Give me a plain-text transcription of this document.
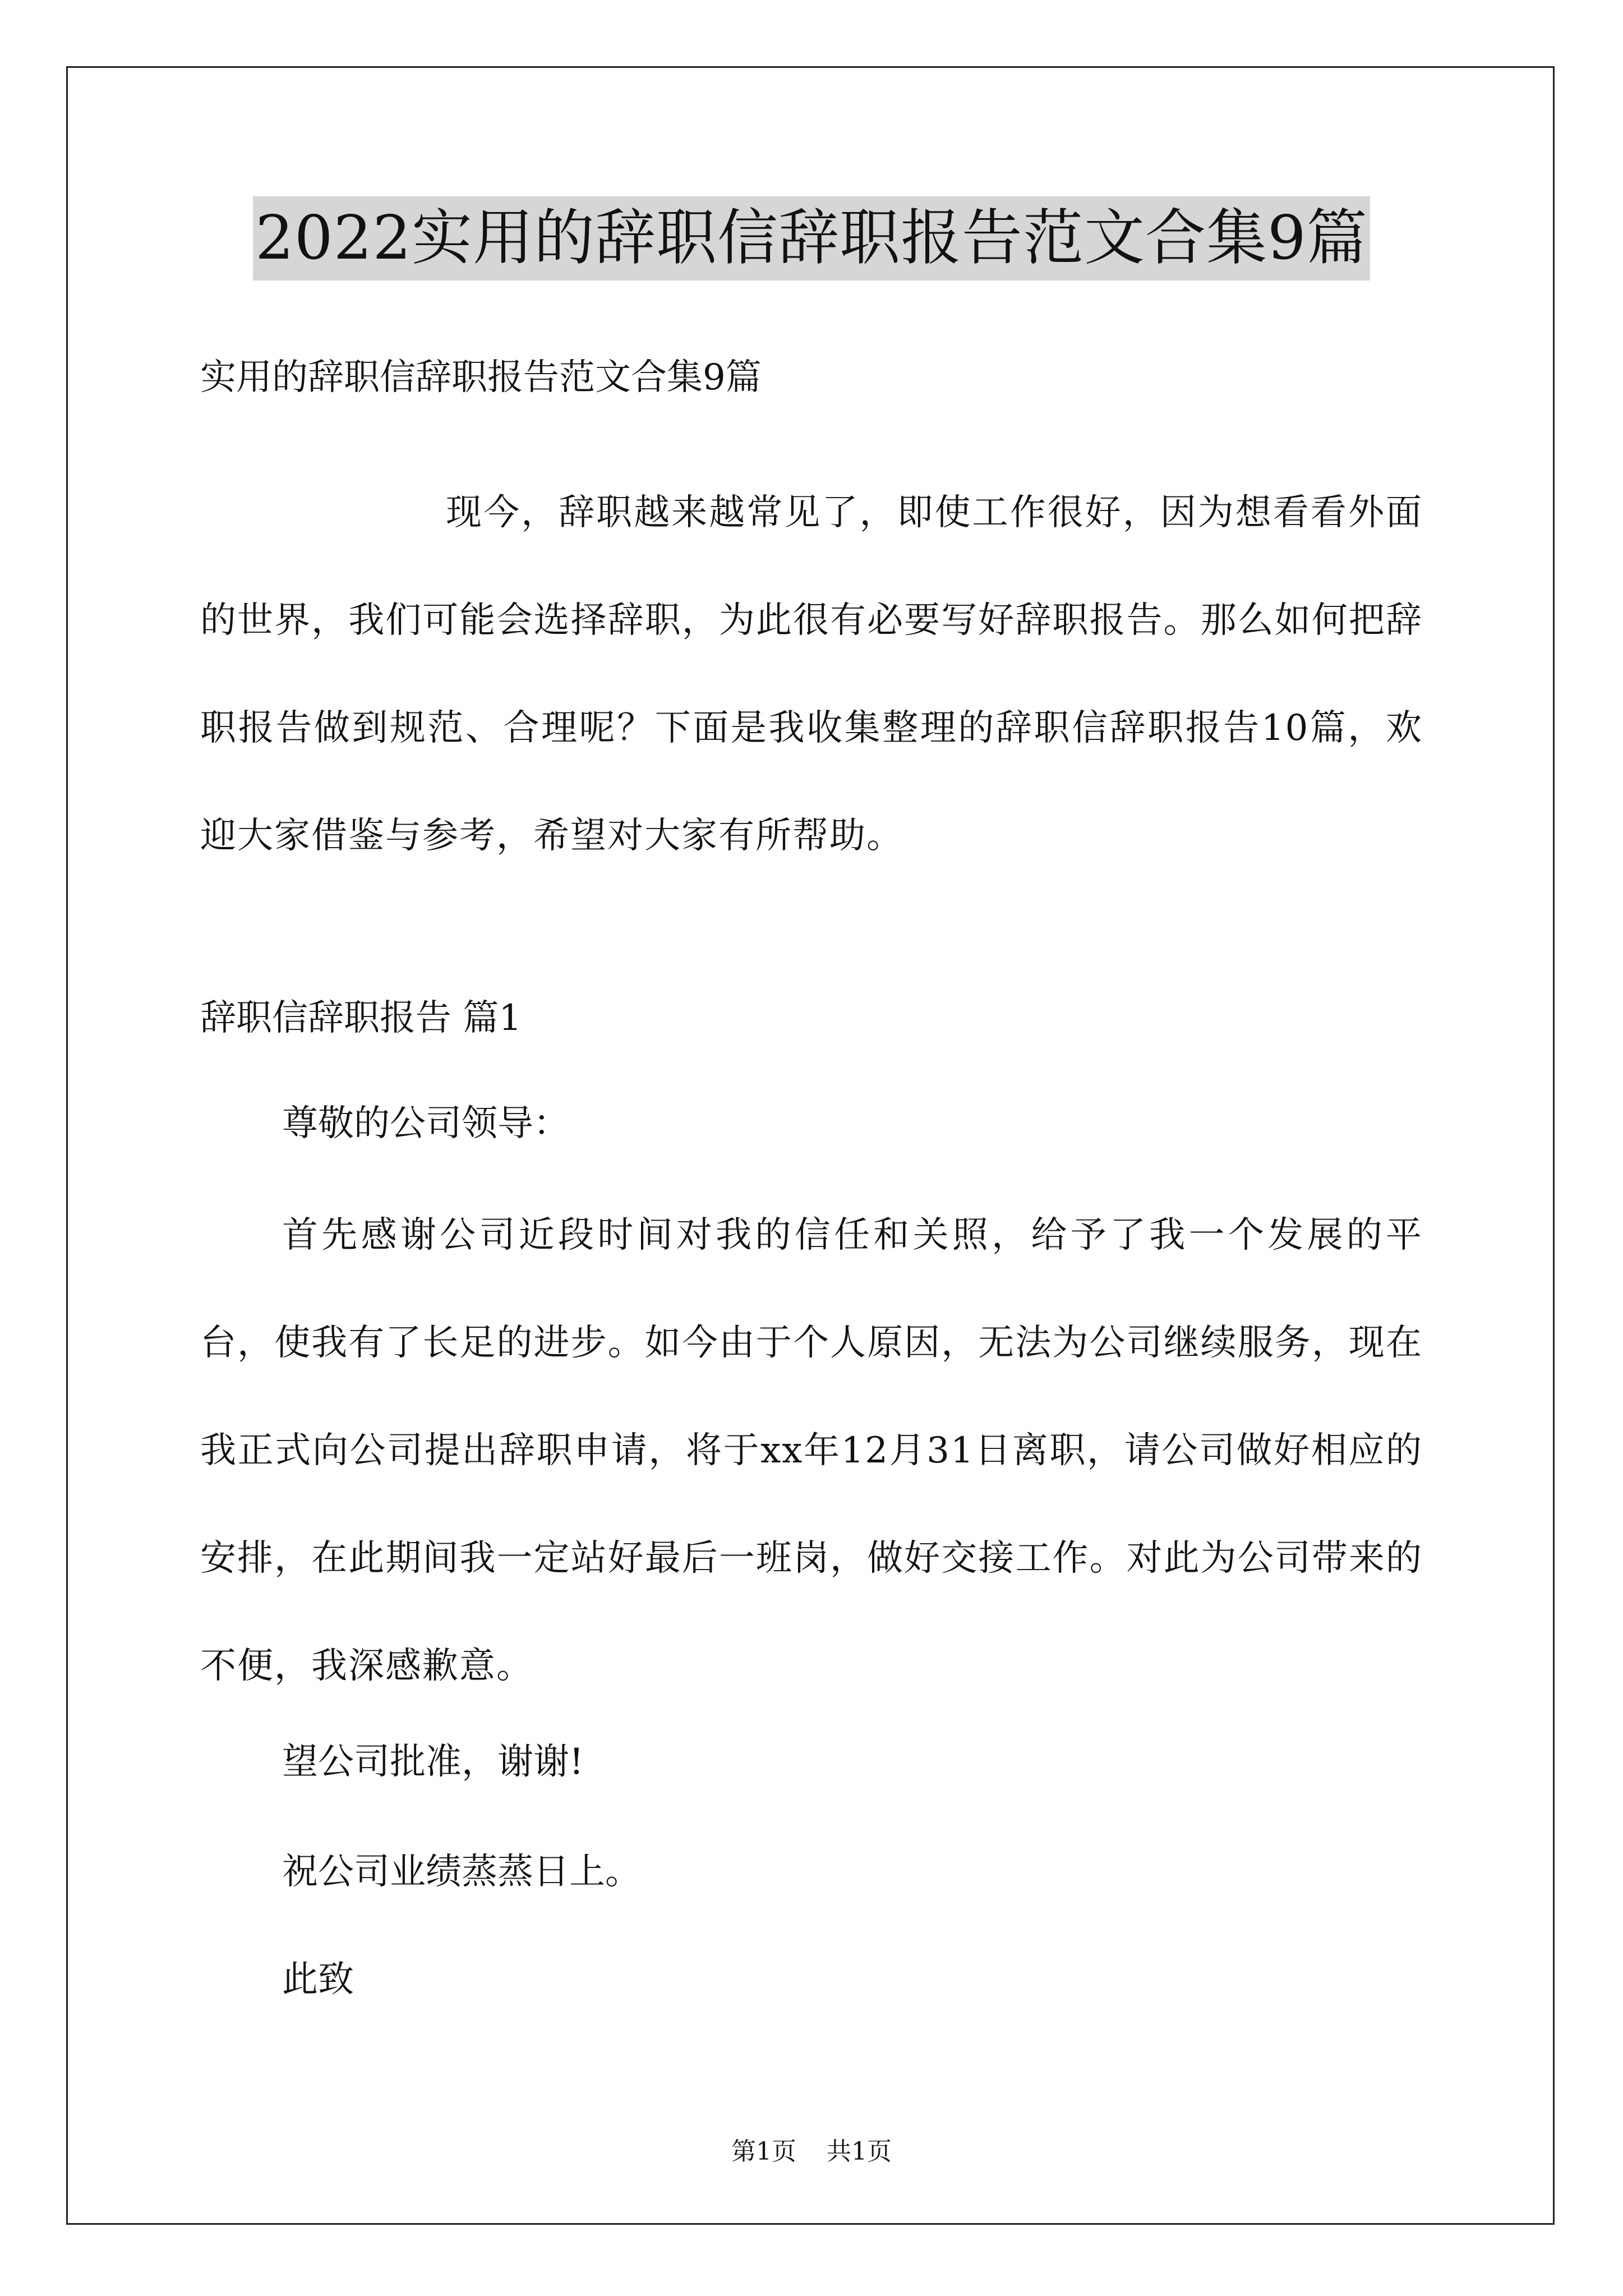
2022实用的辞职信辞职报告范文合集9篇
实用的辞职信辞职报告范文合集9篇

现今，辞职越来越常见了，即使工作很好，因为想看看外面的世界，我们可能会选择辞职，为此很有必要写好辞职报告。那么如何把辞职报告做到规范、合理呢？下面是我收集整理的辞职信辞职报告10篇，欢迎大家借鉴与参考，希望对大家有所帮助。

辞职信辞职报告 篇1
尊敬的公司领导：

首先感谢公司近段时间对我的信任和关照，给予了我一个发展的平台，使我有了长足的进步。如今由于个人原因，无法为公司继续服务，现在我正式向公司提出辞职申请，将于xx年12月31日离职，请公司做好相应的安排，在此期间我一定站好最后一班岗，做好交接工作。对此为公司带来的不便，我深感歉意。

望公司批准，谢谢!
祝公司业绩蒸蒸日上。
此致
第1页 共1页
